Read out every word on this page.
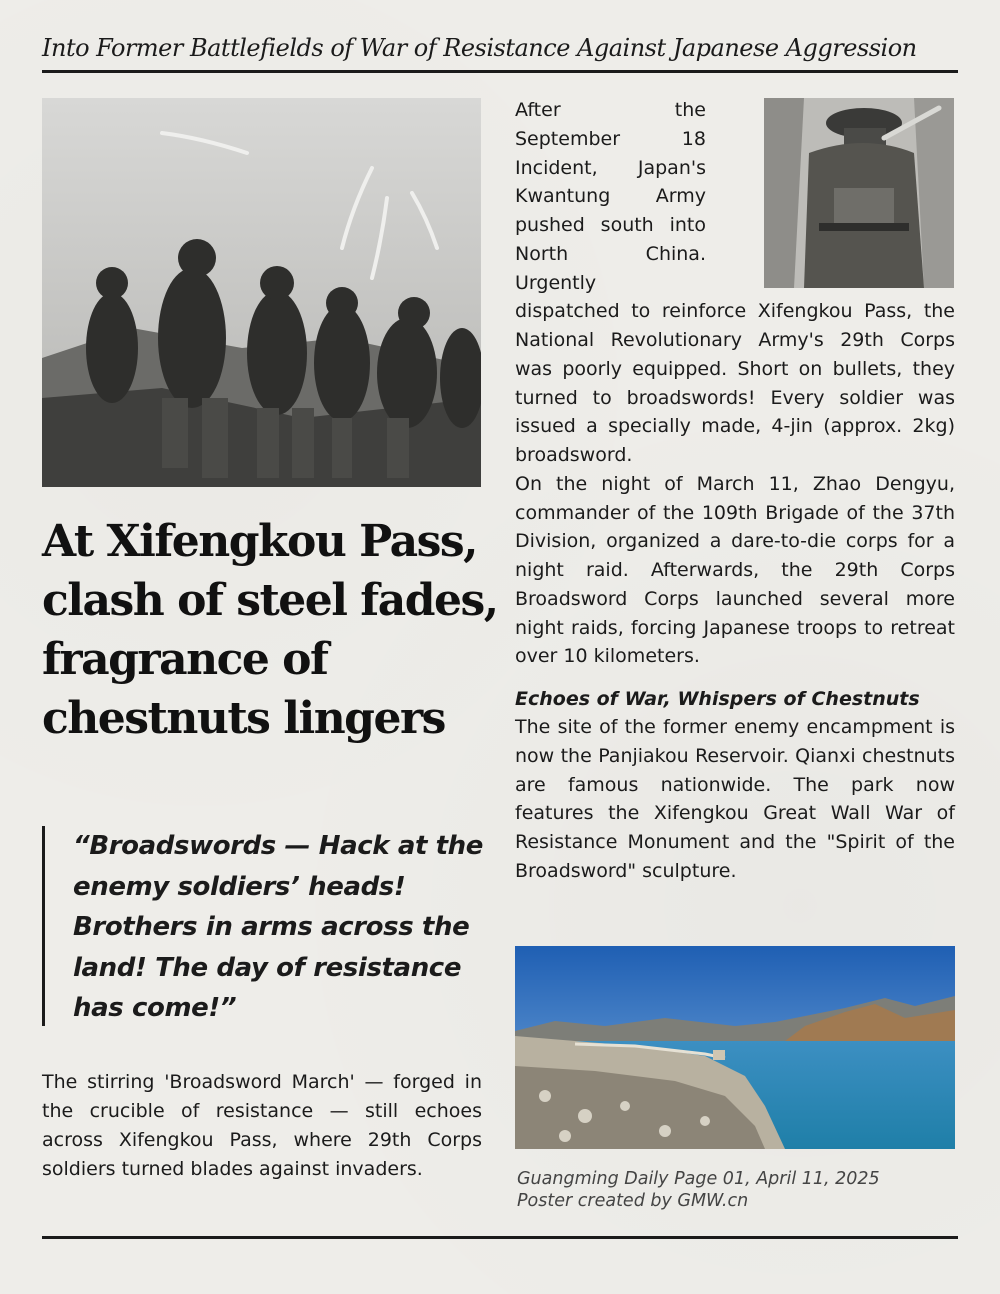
Into Former Battlefields of War of Resistance Against Japanese Aggression
At Xifengkou Pass, clash of steel fades, fragrance of chestnuts lingers
“Broadswords — Hack at the enemy soldiers’ heads! Brothers in arms across the land! The day of resistance has come!”
The stirring 'Broadsword March' — forged in the crucible of resistance — still echoes across Xifengkou Pass, where 29th Corps soldiers turned blades against invaders.

After the September 18 Incident, Japan's Kwantung Army pushed south into North China. Urgently dispatched to reinforce Xifengkou Pass, the National Revolutionary Army's 29th Corps was poorly equipped. Short on bullets, they turned to broadswords! Every soldier was issued a specially made, 4-jin (approx. 2kg) broadsword.

On the night of March 11, Zhao Dengyu, commander of the 109th Brigade of the 37th Division, organized a dare-to-die corps for a night raid. Afterwards, the 29th Corps Broadsword Corps launched several more night raids, forcing Japanese troops to retreat over 10 kilometers.

Echoes of War, Whispers of Chestnuts

The site of the former enemy encampment is now the Panjiakou Reservoir. Qianxi chestnuts are famous nationwide. The park now features the Xifengkou Great Wall War of Resistance Monument and the "Spirit of the Broadsword" sculpture.

Guangming Daily Page 01, April 11, 2025
Poster created by GMW.cn
